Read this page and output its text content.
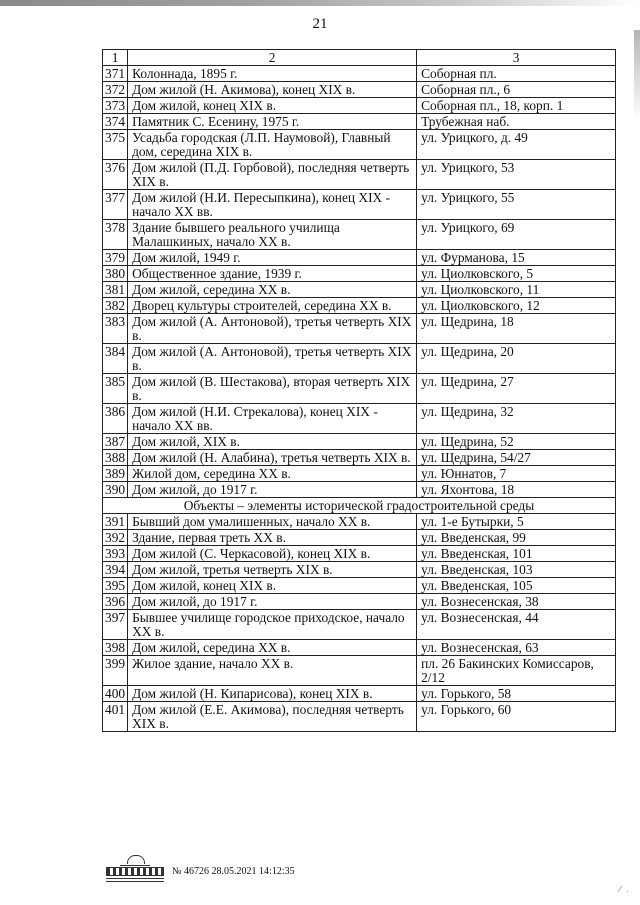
21
1	2	3
371	Колоннада, 1895 г.	Соборная пл.
372	Дом жилой (Н. Акимова), конец XIX в.	Соборная пл., 6
373	Дом жилой, конец XIX в.	Соборная пл., 18, корп. 1
374	Памятник С. Есенину, 1975 г.	Трубежная наб.
375	Усадьба городская (Л.П. Наумовой), Главный дом, середина XIX в.	ул. Урицкого, д. 49
376	Дом жилой (П.Д. Горбовой), последняя четверть XIX в.	ул. Урицкого, 53
377	Дом жилой (Н.И. Пересыпкина), конец XIX - начало XX вв.	ул. Урицкого, 55
378	Здание бывшего реального училища Малашкиных, начало XX в.	ул. Урицкого, 69
379	Дом жилой, 1949 г.	ул. Фурманова, 15
380	Общественное здание, 1939 г.	ул. Циолковского, 5
381	Дом жилой, середина XX в.	ул. Циолковского, 11
382	Дворец культуры строителей, середина XX в.	ул. Циолковского, 12
383	Дом жилой (А. Антоновой), третья четверть XIX в.	ул. Щедрина, 18
384	Дом жилой (А. Антоновой), третья четверть XIX в.	ул. Щедрина, 20
385	Дом жилой (В. Шестакова), вторая четверть XIX в.	ул. Щедрина, 27
386	Дом жилой (Н.И. Стрекалова), конец XIX - начало XX вв.	ул. Щедрина, 32
387	Дом жилой, XIX в.	ул. Щедрина, 52
388	Дом жилой (Н. Алабина), третья четверть XIX в.	ул. Щедрина, 54/27
389	Жилой дом, середина XX в.	ул. Юннатов, 7
390	Дом жилой, до 1917 г.	ул. Яхонтова, 18
Объекты – элементы исторической градостроительной среды		
391	Бывший дом умалишенных, начало XX в.	ул. 1-е Бутырки, 5
392	Здание, первая треть XX в.	ул. Введенская, 99
393	Дом жилой (С. Черкасовой), конец XIX в.	ул. Введенская, 101
394	Дом жилой, третья четверть XIX в.	ул. Введенская, 103
395	Дом жилой, конец XIX в.	ул. Введенская, 105
396	Дом жилой, до 1917 г.	ул. Вознесенская, 38
397	Бывшее училище городское приходское, начало XX в.	ул. Вознесенская, 44
398	Дом жилой, середина XX в.	ул. Вознесенская, 63
399	Жилое здание, начало XX в.	пл. 26 Бакинских Комиссаров, 2/12
400	Дом жилой (Н. Кипарисова), конец XIX в.	ул. Горького, 58
401	Дом жилой (Е.Е. Акимова), последняя четверть XIX в.	ул. Горького, 60
№ 46726 28.05.2021 14:12:35
⁄ ﹒
